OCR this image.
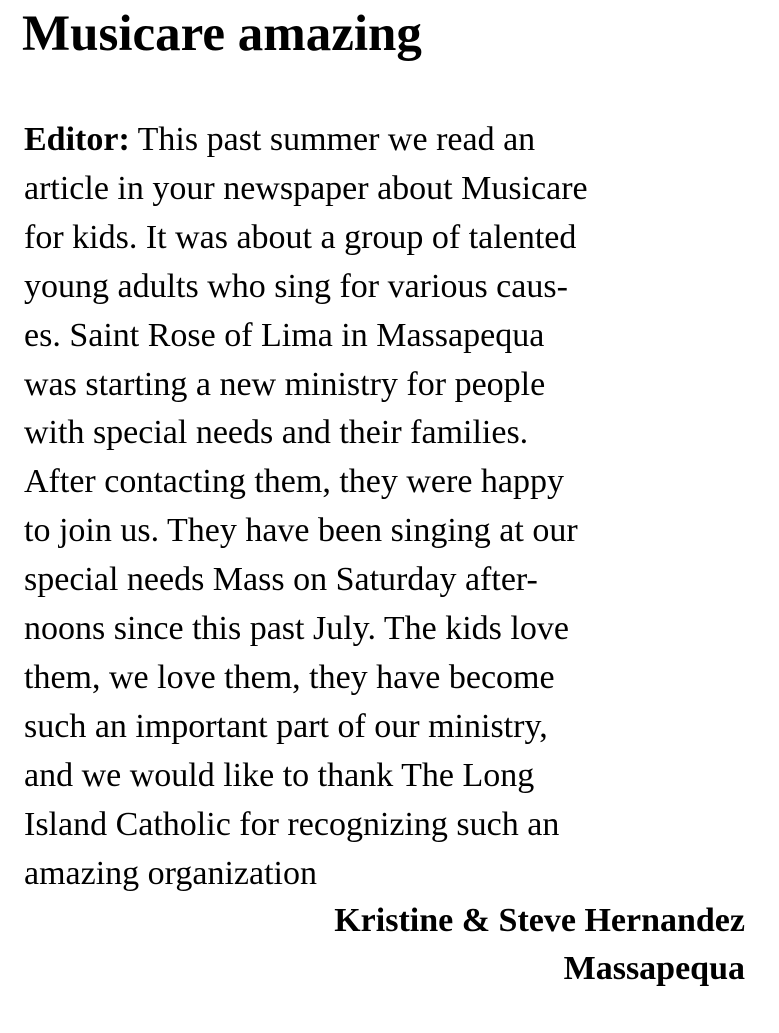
Musicare amazing
Editor: This past summer we read an
article in your newspaper about Musicare
for kids. It was about a group of talented
young adults who sing for various caus-
es. Saint Rose of Lima in Massapequa
was starting a new ministry for people
with special needs and their families.
After contacting them, they were happy
to join us. They have been singing at our
special needs Mass on Saturday after-
noons since this past July. The kids love
them, we love them, they have become
such an important part of our ministry,
and we would like to thank The Long
Island Catholic for recognizing such an
amazing organization
Kristine & Steve Hernandez
Massapequa
